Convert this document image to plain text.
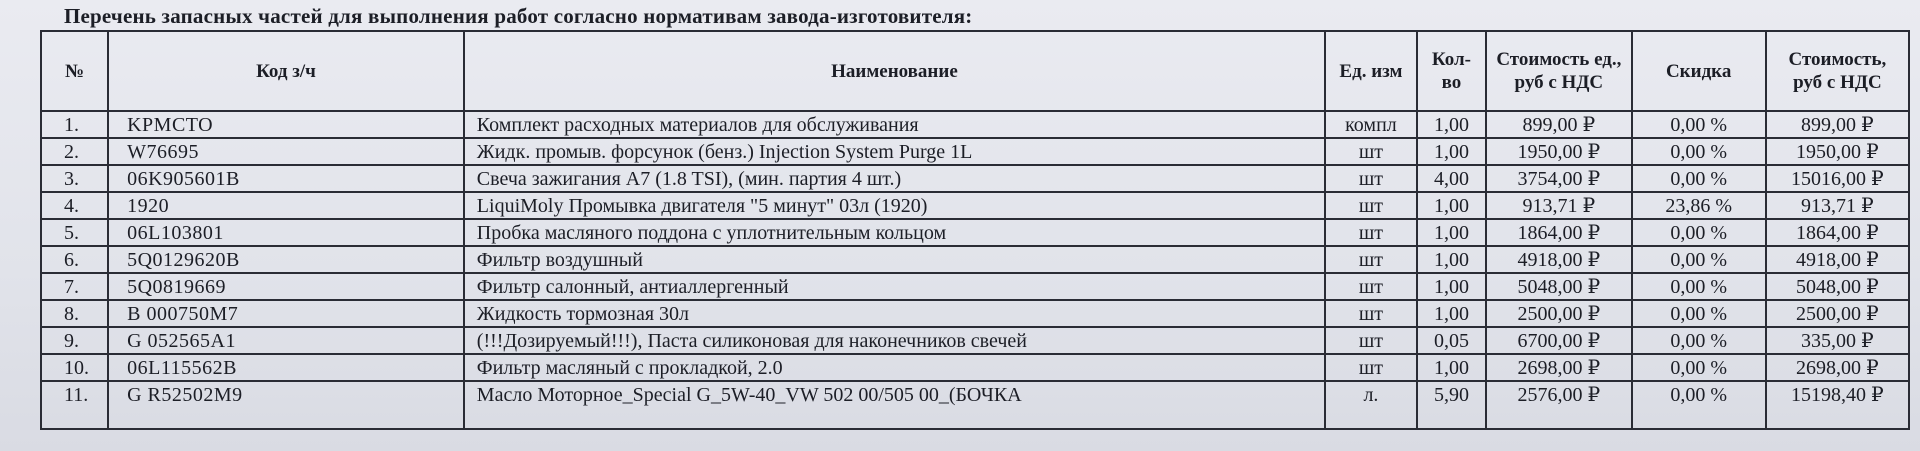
Перечень запасных частей для выполнения работ согласно нормативам завода-изготовителя:
№	Код з/ч	Наименование	Ед. изм	Кол-во	Стоимость ед., руб с НДС	Скидка	Стоимость, руб с НДС
1.	KPMCTO	Комплект расходных материалов для обслуживания	компл	1,00	899,00 ₽	0,00 %	899,00 ₽
2.	W76695	Жидк. промыв. форсунок (бенз.) Injection System Purge 1L	шт	1,00	1950,00 ₽	0,00 %	1950,00 ₽
3.	06K905601B	Свеча зажигания A7 (1.8 TSI), (мин. партия 4 шт.)	шт	4,00	3754,00 ₽	0,00 %	15016,00 ₽
4.	1920	LiquiMoly Промывка двигателя "5 минут" 03л (1920)	шт	1,00	913,71 ₽	23,86 %	913,71 ₽
5.	06L103801	Пробка масляного поддона с уплотнительным кольцом	шт	1,00	1864,00 ₽	0,00 %	1864,00 ₽
6.	5Q0129620B	Фильтр воздушный	шт	1,00	4918,00 ₽	0,00 %	4918,00 ₽
7.	5Q0819669	Фильтр салонный, антиаллергенный	шт	1,00	5048,00 ₽	0,00 %	5048,00 ₽
8.	B 000750M7	Жидкость тормозная 30л	шт	1,00	2500,00 ₽	0,00 %	2500,00 ₽
9.	G 052565A1	(!!!Дозируемый!!!), Паста силиконовая для наконечников свечей	шт	0,05	6700,00 ₽	0,00 %	335,00 ₽
10.	06L115562B	Фильтр масляный с прокладкой, 2.0	шт	1,00	2698,00 ₽	0,00 %	2698,00 ₽
11.	G R52502M9	Масло Моторное_Special G_5W-40_VW 502 00/505 00_(БОЧКА	л.	5,90	2576,00 ₽	0,00 %	15198,40 ₽
